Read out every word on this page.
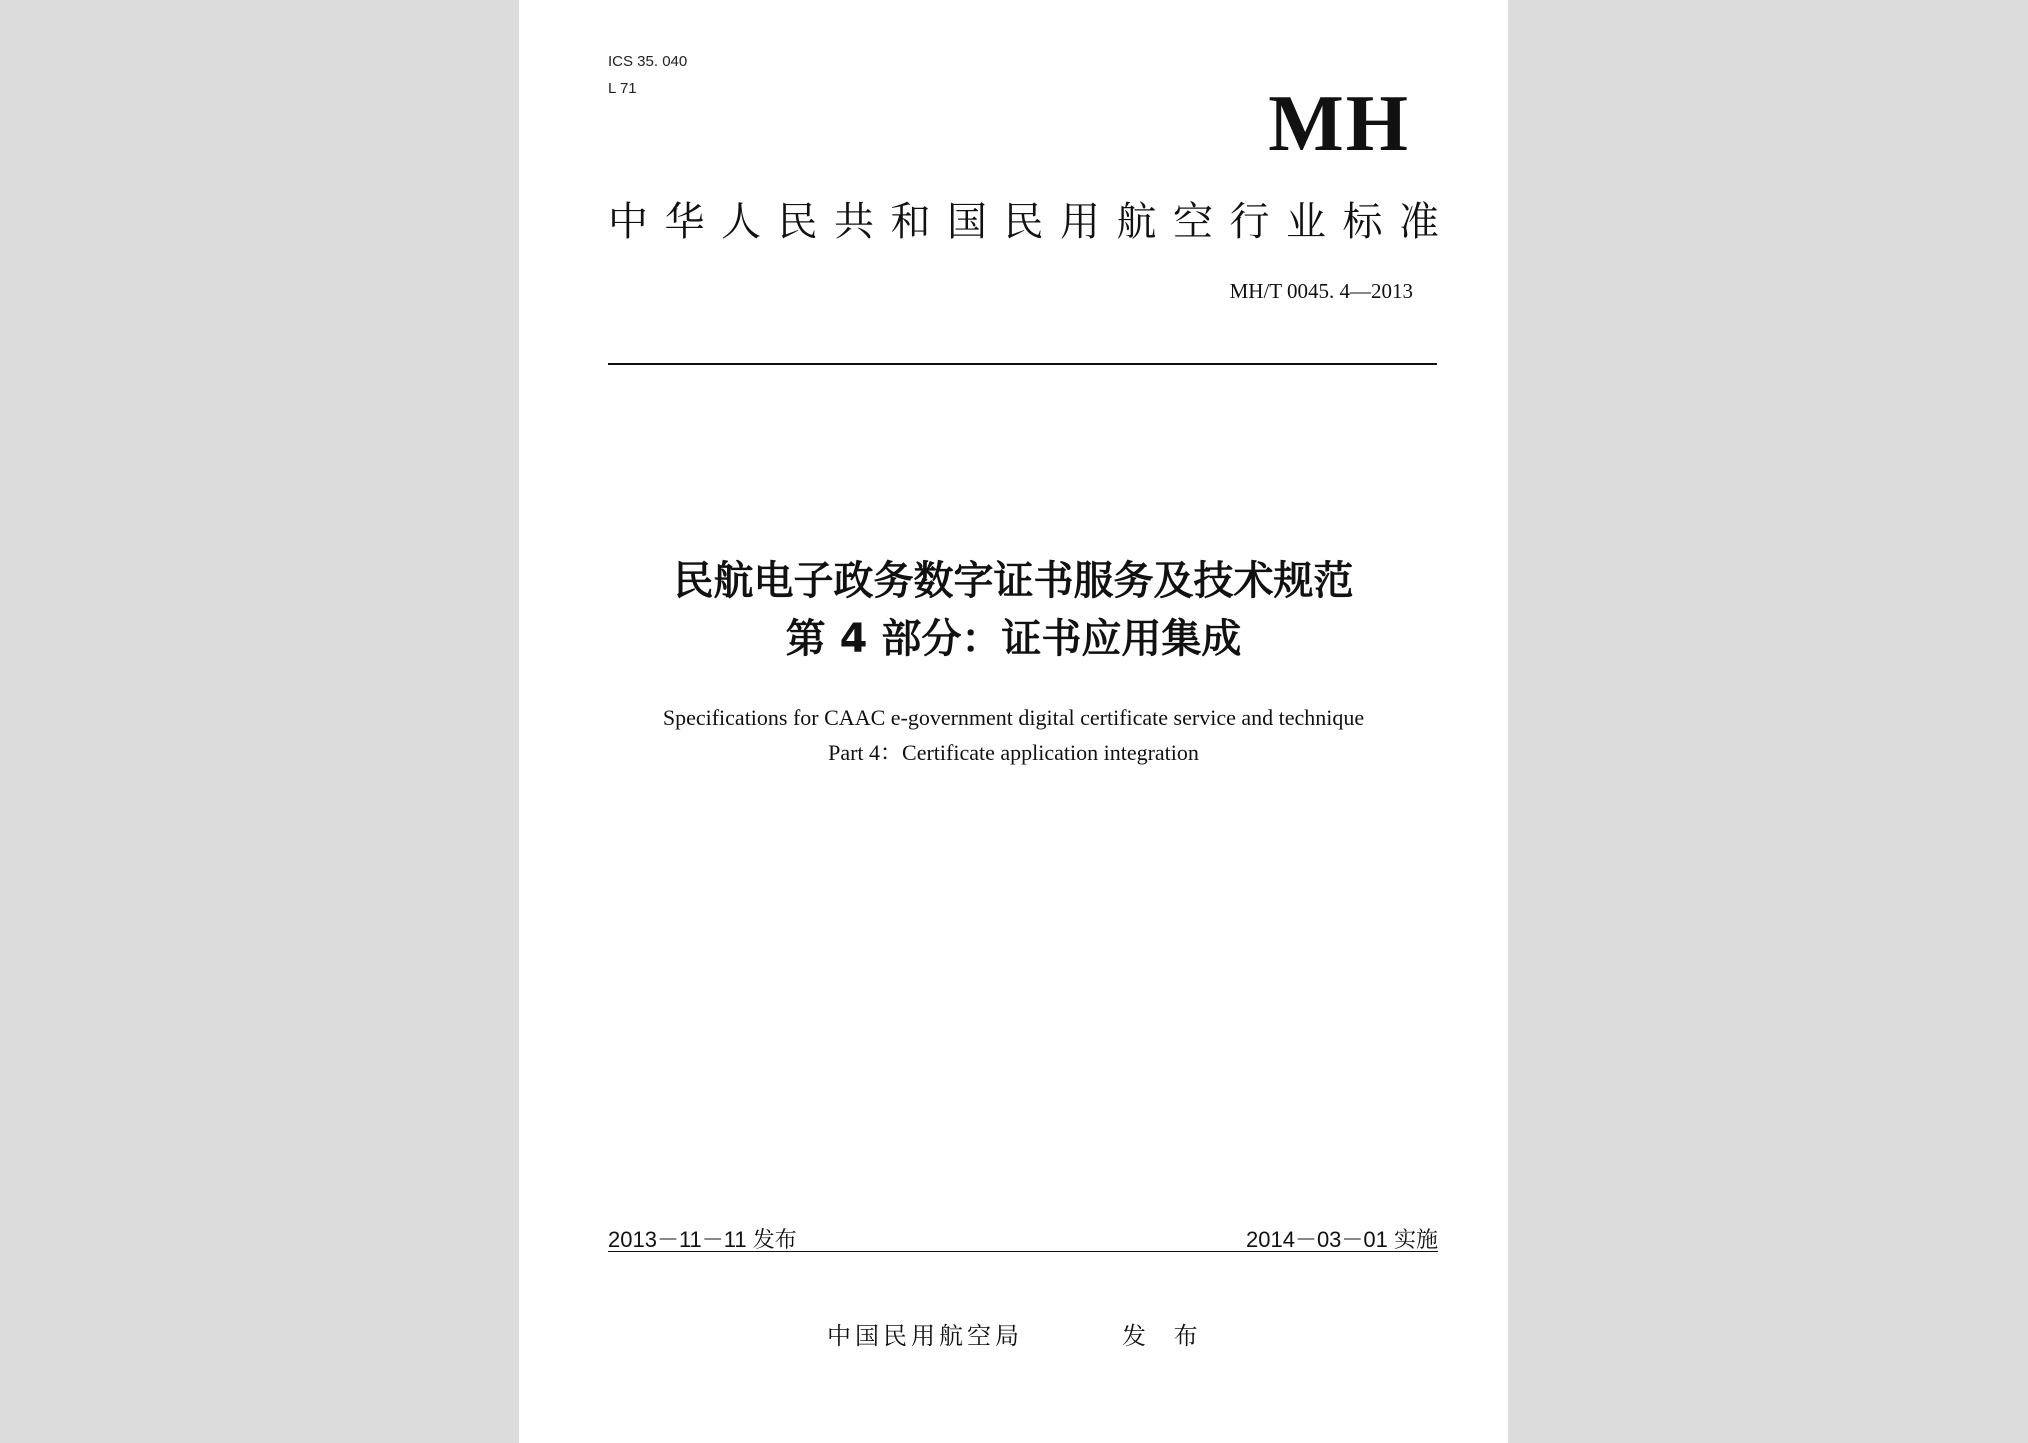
ICS 35. 040

L 71	MH
中华人民共和国民用航空行业标准
MH/T 0045. 4—2013
民航电子政务数字证书服务及技术规范
第 4 部分：证书应用集成
Specifications for CAAC e-government digital certificate service and technique
Part 4：Certificate application integration
2013－11－11 发布	2014－03－01 实施
中国民用航空局	发 布
